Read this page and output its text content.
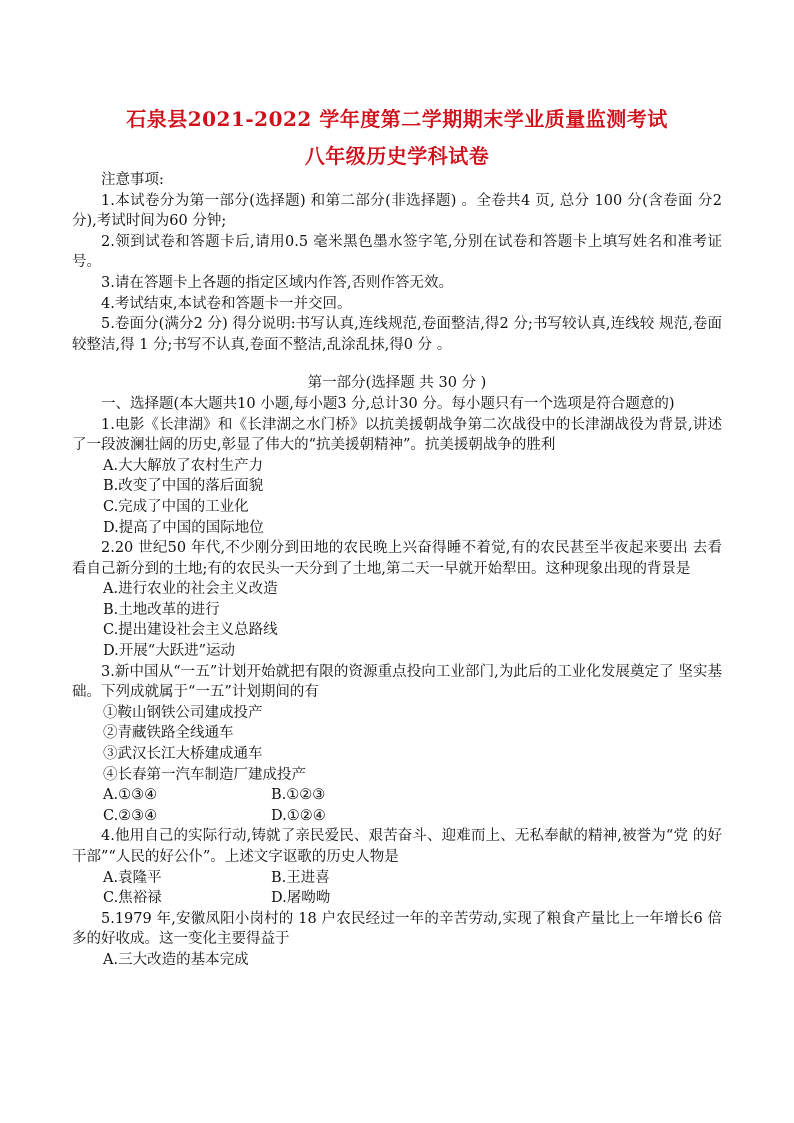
石泉县2021-2022 学年度第二学期期末学业质量监测考试
八年级历史学科试卷

注意事项:

1.本试卷分为第一部分(选择题) 和第二部分(非选择题) 。全卷共4 页, 总分 100 分(含卷面 分2 分),考试时间为60 分钟;

2.领到试卷和答题卡后,请用0.5 毫米黑色墨水签字笔,分别在试卷和答题卡上填写姓名和准考证号。

3.请在答题卡上各题的指定区域内作答,否则作答无效。

4.考试结束,本试卷和答题卡一并交回。

5.卷面分(满分2 分) 得分说明:书写认真,连线规范,卷面整洁,得2 分;书写较认真,连线较 规范,卷面较整洁,得 1 分;书写不认真,卷面不整洁,乱涂乱抹,得0 分 。

第一部分(选择题 共 30 分 )

一、选择题(本大题共10 小题,每小题3 分,总计30 分。每小题只有一个选项是符合题意的)

1.电影《长津湖》和《长津湖之水门桥》以抗美援朝战争第二次战役中的长津湖战役为背景,讲述了一段波澜壮阔的历史,彰显了伟大的“抗美援朝精神”。抗美援朝战争的胜利

A.大大解放了农村生产力

B.改变了中国的落后面貌

C.完成了中国的工业化

D.提高了中国的国际地位

2.20 世纪50 年代,不少刚分到田地的农民晚上兴奋得睡不着觉,有的农民甚至半夜起来要出 去看看自己新分到的土地;有的农民头一天分到了土地,第二天一早就开始犁田。这种现象出现的背景是

A.进行农业的社会主义改造

B.土地改革的进行

C.提出建设社会主义总路线

D.开展“大跃进”运动

3.新中国从“一五”计划开始就把有限的资源重点投向工业部门,为此后的工业化发展奠定了 坚实基础。下列成就属于“一五”计划期间的有

①鞍山钢铁公司建成投产

②青藏铁路全线通车

③武汉长江大桥建成通车

④长春第一汽车制造厂建成投产

A.①③④	B.①②③
C.②③④	D.①②④

4.他用自己的实际行动,铸就了亲民爱民、艰苦奋斗、迎难而上、无私奉献的精神,被誉为“党 的好干部”“人民的好公仆”。上述文字讴歌的历史人物是

A.袁隆平	B.王进喜
C.焦裕禄	D.屠呦呦

5.1979 年,安徽凤阳小岗村的 18 户农民经过一年的辛苦劳动,实现了粮食产量比上一年增长6 倍多的好收成。这一变化主要得益于

A.三大改造的基本完成
